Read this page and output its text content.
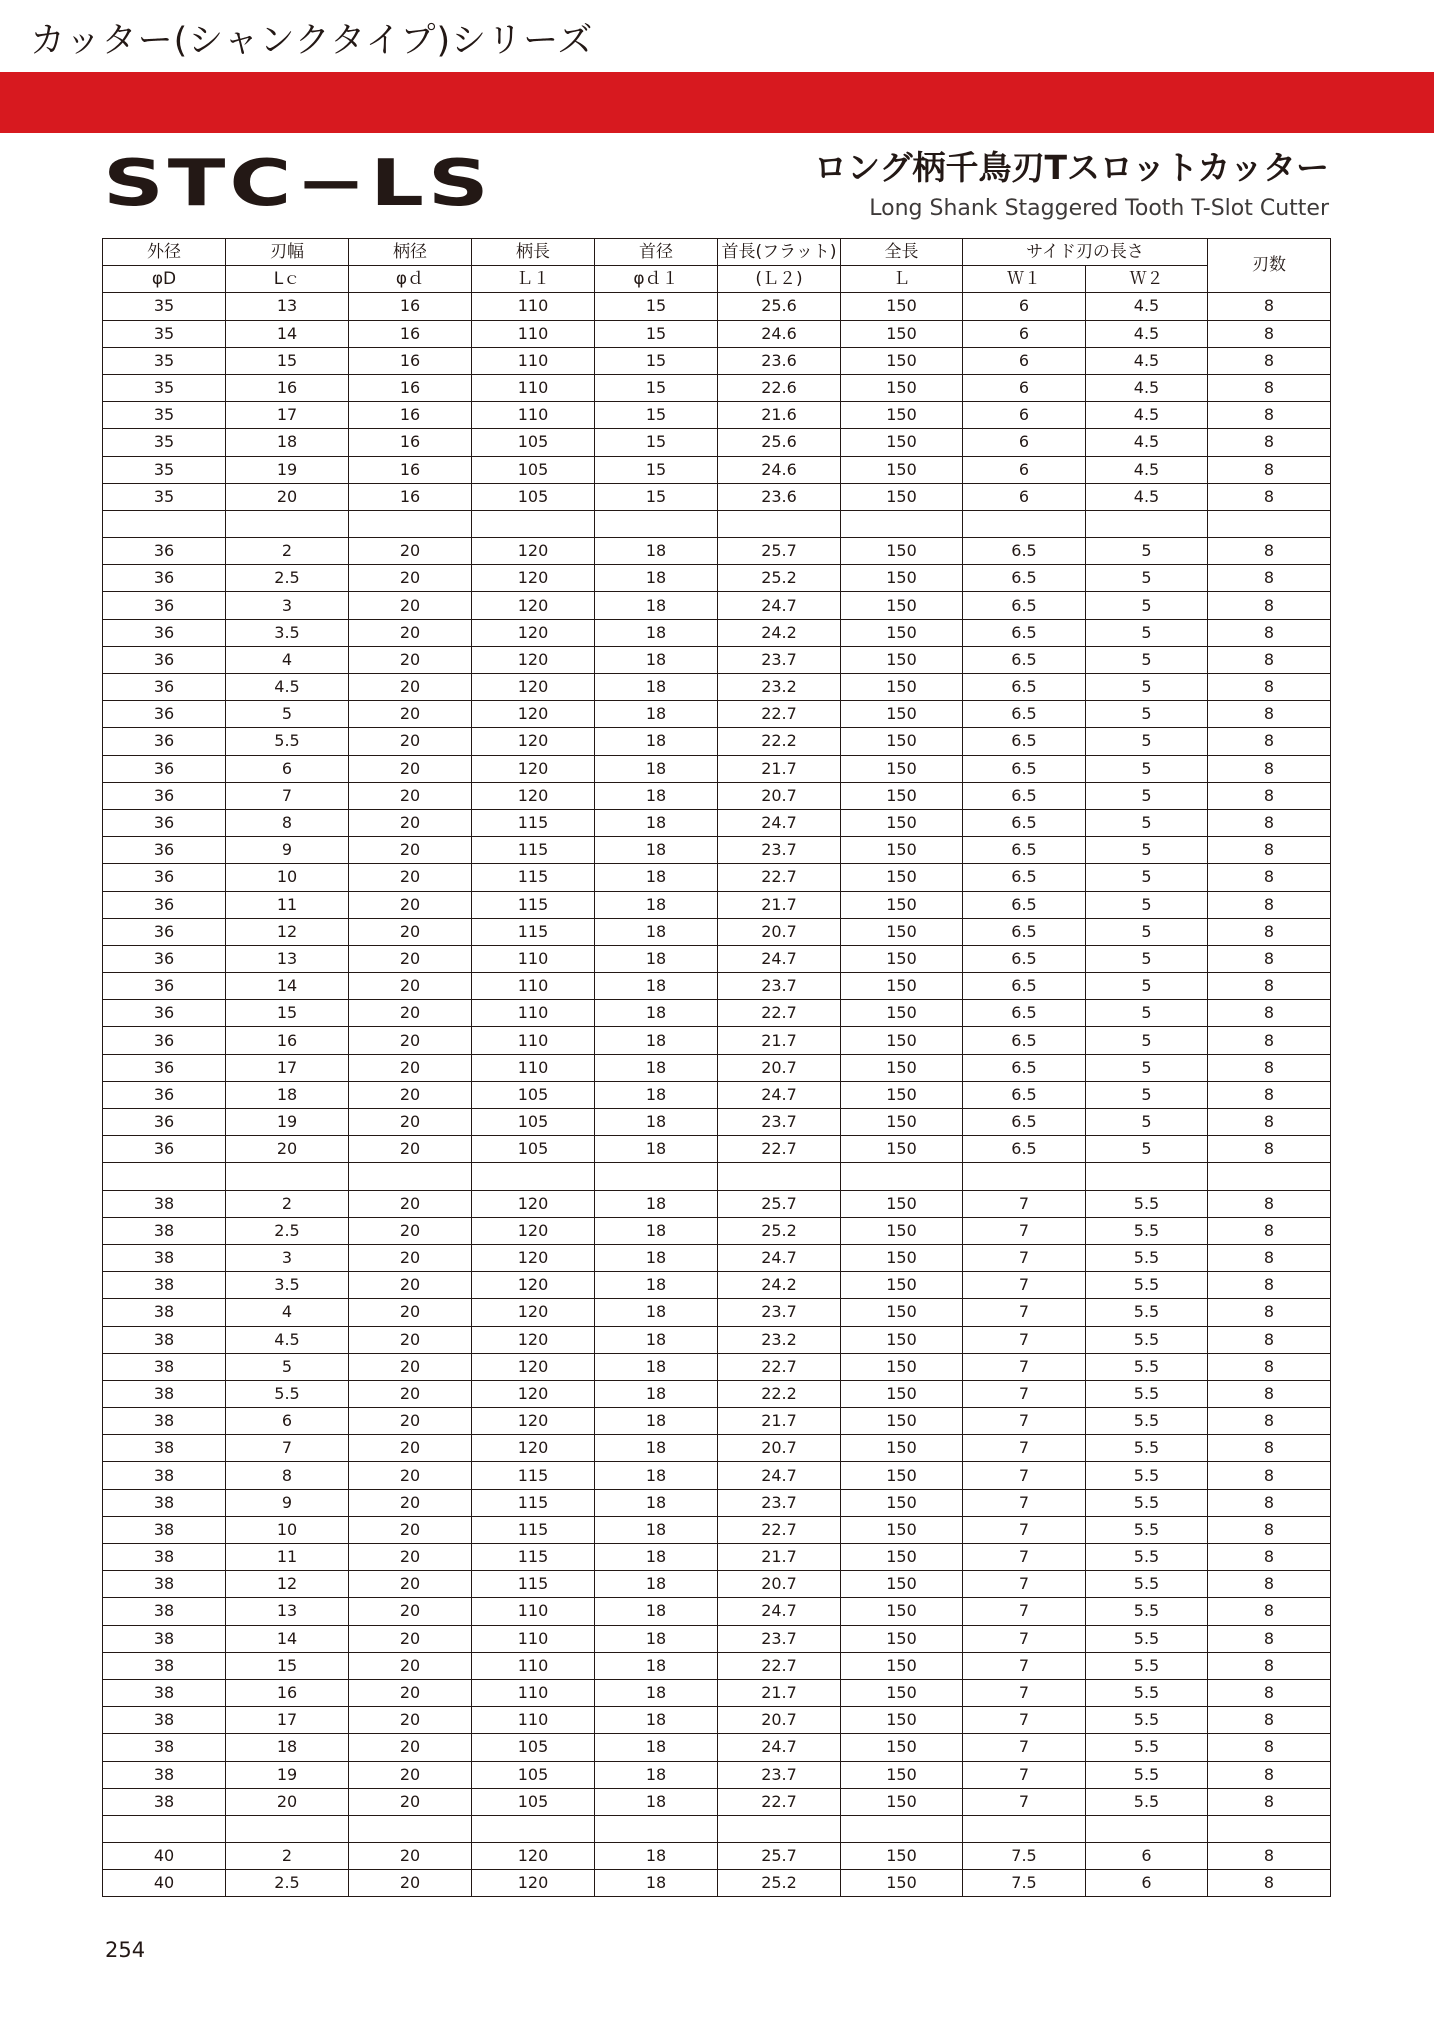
カッター(シャンクタイプ)シリーズ
STC−LS	ロング柄千鳥刃Tスロットカッター
Long Shank Staggered Tooth T-Slot Cutter
外径	刃幅	柄径	柄長	首径	首長(フラット)	全長	サイド刃の長さ		刃数
φD	Lｃ	φｄ	Ｌ１	φｄ１	(Ｌ２)	Ｌ	Ｗ１	Ｗ２	
35	13	16	110	15	25.6	150	6	4.5	8
35	14	16	110	15	24.6	150	6	4.5	8
35	15	16	110	15	23.6	150	6	4.5	8
35	16	16	110	15	22.6	150	6	4.5	8
35	17	16	110	15	21.6	150	6	4.5	8
35	18	16	105	15	25.6	150	6	4.5	8
35	19	16	105	15	24.6	150	6	4.5	8
35	20	16	105	15	23.6	150	6	4.5	8

36	2	20	120	18	25.7	150	6.5	5	8
36	2.5	20	120	18	25.2	150	6.5	5	8
36	3	20	120	18	24.7	150	6.5	5	8
36	3.5	20	120	18	24.2	150	6.5	5	8
36	4	20	120	18	23.7	150	6.5	5	8
36	4.5	20	120	18	23.2	150	6.5	5	8
36	5	20	120	18	22.7	150	6.5	5	8
36	5.5	20	120	18	22.2	150	6.5	5	8
36	6	20	120	18	21.7	150	6.5	5	8
36	7	20	120	18	20.7	150	6.5	5	8
36	8	20	115	18	24.7	150	6.5	5	8
36	9	20	115	18	23.7	150	6.5	5	8
36	10	20	115	18	22.7	150	6.5	5	8
36	11	20	115	18	21.7	150	6.5	5	8
36	12	20	115	18	20.7	150	6.5	5	8
36	13	20	110	18	24.7	150	6.5	5	8
36	14	20	110	18	23.7	150	6.5	5	8
36	15	20	110	18	22.7	150	6.5	5	8
36	16	20	110	18	21.7	150	6.5	5	8
36	17	20	110	18	20.7	150	6.5	5	8
36	18	20	105	18	24.7	150	6.5	5	8
36	19	20	105	18	23.7	150	6.5	5	8
36	20	20	105	18	22.7	150	6.5	5	8

38	2	20	120	18	25.7	150	7	5.5	8
38	2.5	20	120	18	25.2	150	7	5.5	8
38	3	20	120	18	24.7	150	7	5.5	8
38	3.5	20	120	18	24.2	150	7	5.5	8
38	4	20	120	18	23.7	150	7	5.5	8
38	4.5	20	120	18	23.2	150	7	5.5	8
38	5	20	120	18	22.7	150	7	5.5	8
38	5.5	20	120	18	22.2	150	7	5.5	8
38	6	20	120	18	21.7	150	7	5.5	8
38	7	20	120	18	20.7	150	7	5.5	8
38	8	20	115	18	24.7	150	7	5.5	8
38	9	20	115	18	23.7	150	7	5.5	8
38	10	20	115	18	22.7	150	7	5.5	8
38	11	20	115	18	21.7	150	7	5.5	8
38	12	20	115	18	20.7	150	7	5.5	8
38	13	20	110	18	24.7	150	7	5.5	8
38	14	20	110	18	23.7	150	7	5.5	8
38	15	20	110	18	22.7	150	7	5.5	8
38	16	20	110	18	21.7	150	7	5.5	8
38	17	20	110	18	20.7	150	7	5.5	8
38	18	20	105	18	24.7	150	7	5.5	8
38	19	20	105	18	23.7	150	7	5.5	8
38	20	20	105	18	22.7	150	7	5.5	8

40	2	20	120	18	25.7	150	7.5	6	8
40	2.5	20	120	18	25.2	150	7.5	6	8
254
